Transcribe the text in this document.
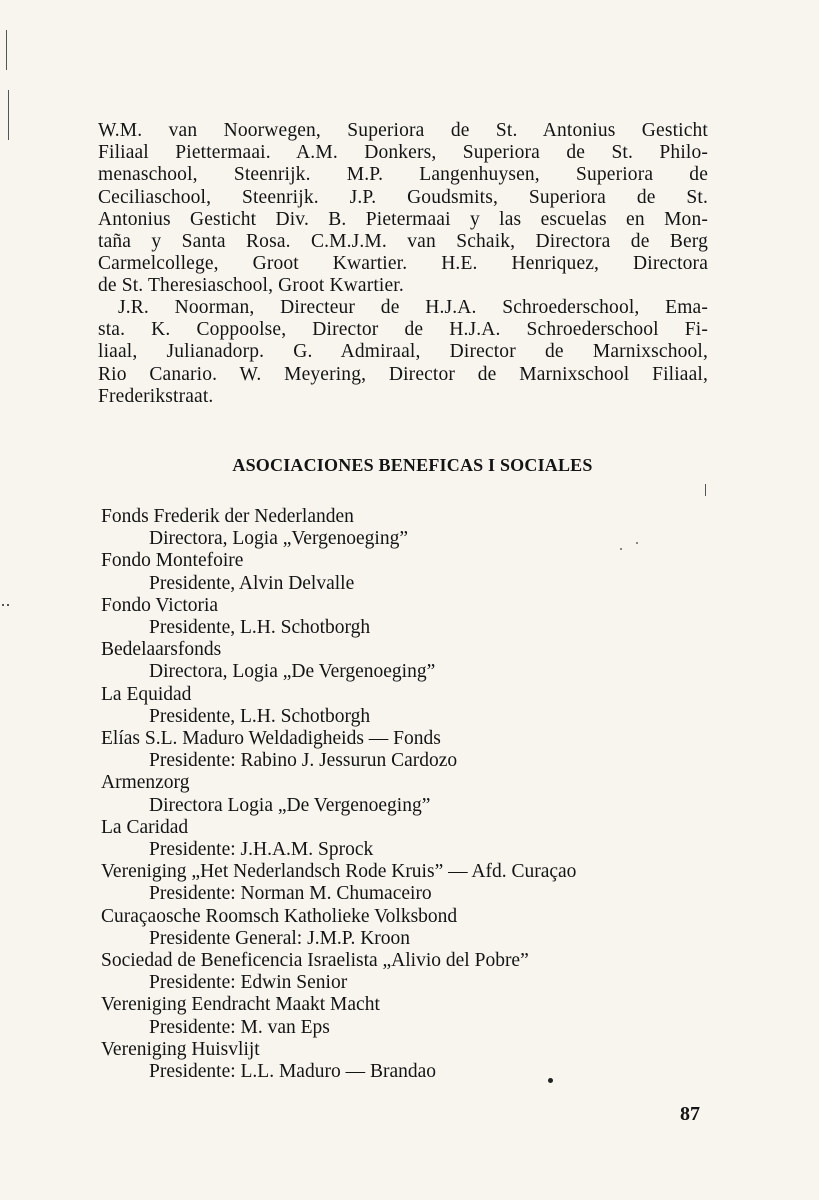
W.M. van Noorwegen, Superiora de St. Antonius Gesticht
Filiaal Piettermaai. A.M. Donkers, Superiora de St. Philo-
menaschool, Steenrijk. M.P. Langenhuysen, Superiora de
Ceciliaschool, Steenrijk. J.P. Goudsmits, Superiora de St.
Antonius Gesticht Div. B. Pietermaai y las escuelas en Mon-
taña y Santa Rosa. C.M.J.M. van Schaik, Directora de Berg
Carmelcollege, Groot Kwartier. H.E. Henriquez, Directora
de St. Theresiaschool, Groot Kwartier.
J.R. Noorman, Directeur de H.J.A. Schroederschool, Ema-
sta. K. Coppoolse, Director de H.J.A. Schroederschool Fi-
liaal, Julianadorp. G. Admiraal, Director de Marnixschool,
Rio Canario. W. Meyering, Director de Marnixschool Filiaal,
Frederikstraat.
ASOCIACIONES BENEFICAS I SOCIALES
Fonds Frederik der Nederlanden
Directora, Logia „Vergenoeging”
Fondo Montefoire
Presidente, Alvin Delvalle
Fondo Victoria
Presidente, L.H. Schotborgh
Bedelaarsfonds
Directora, Logia „De Vergenoeging”
La Equidad
Presidente, L.H. Schotborgh
Elías S.L. Maduro Weldadigheids — Fonds
Presidente: Rabino J. Jessurun Cardozo
Armenzorg
Directora Logia „De Vergenoeging”
La Caridad
Presidente: J.H.A.M. Sprock
Vereniging „Het Nederlandsch Rode Kruis” — Afd. Curaçao
Presidente: Norman M. Chumaceiro
Curaçaosche Roomsch Katholieke Volksbond
Presidente General: J.M.P. Kroon
Sociedad de Beneficencia Israelista „Alivio del Pobre”
Presidente: Edwin Senior
Vereniging Eendracht Maakt Macht
Presidente: M. van Eps
Vereniging Huisvlijt
Presidente: L.L. Maduro — Brandao
87
